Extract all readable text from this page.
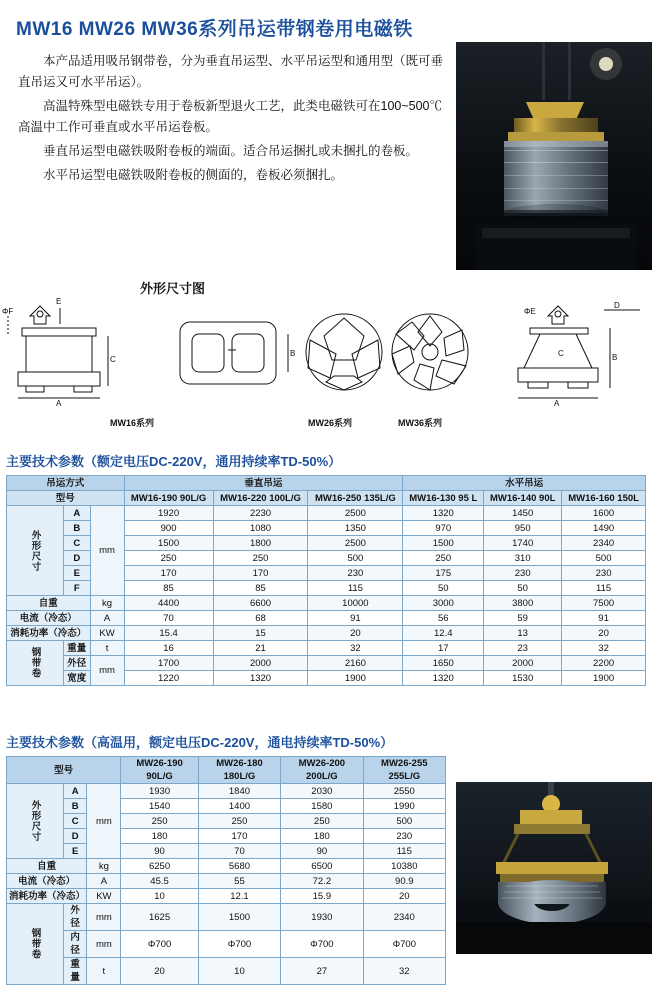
MW16 MW26 MW36系列吊运带钢卷用电磁铁

本产品适用吸吊钢带卷，分为垂直吊运型、水平吊运型和通用型（既可垂直吊运又可水平吊运）。

高温特殊型电磁铁专用于卷板新型退火工艺，此类电磁铁可在100~500℃高温中工作可垂直或水平吊运卷板。

垂直吊运型电磁铁吸附卷板的端面。适合吊运捆扎或未捆扎的卷板。

水平吊运型电磁铁吸附卷板的侧面的，卷板必须捆扎。

外形尺寸图
ΦF
E
C
A
B
ΦE
D
C	B
A
MW16系列	MW26系列	MW36系列
主要技术参数（额定电压DC-220V，通用持续率TD-50%）
吊运方式			垂直吊运			水平吊运		
型号			MW16-190 90L/G	MW16-220 100L/G	MW16-250 135L/G	MW16-130 95 L	MW16-140 90L	MW16-160 150L
外形尺寸	A	mm	1920	2230	2500	1320	1450	1600
	B		900	1080	1350	970	950	1490
	C		1500	1800	2500	1500	1740	2340
	D		250	250	500	250	310	500
	E		170	170	230	175	230	230
	F		85	85	115	50	50	115
自重		kg	4400	6600	10000	3000	3800	7500
电流（冷态）		A	70	68	91	56	59	91
消耗功率（冷态）		KW	15.4	15	20	12.4	13	20
钢带卷	重量	t	16	21	32	17	23	32
	外径	mm	1700	2000	2160	1650	2000	2200
	宽度		1220	1320	1900	1320	1530	1900
主要技术参数（高温用，额定电压DC-220V，通电持续率TD-50%）
型号			MW26-190 90L/G	MW26-180 180L/G	MW26-200 200L/G	MW26-255 255L/G
外形尺寸	A	mm	1930	1840	2030	2550
	B		1540	1400	1580	1990
	C		250	250	250	500
	D		180	170	180	230
	E		90	70	90	115
自重		kg	6250	5680	6500	10380
电流（冷态）		A	45.5	55	72.2	90.9
消耗功率（冷态）		KW	10	12.1	15.9	20
钢带卷	外径	mm	1625	1500	1930	2340
	内径	mm	Φ700	Φ700	Φ700	Φ700
	重量	t	20	10	27	32
